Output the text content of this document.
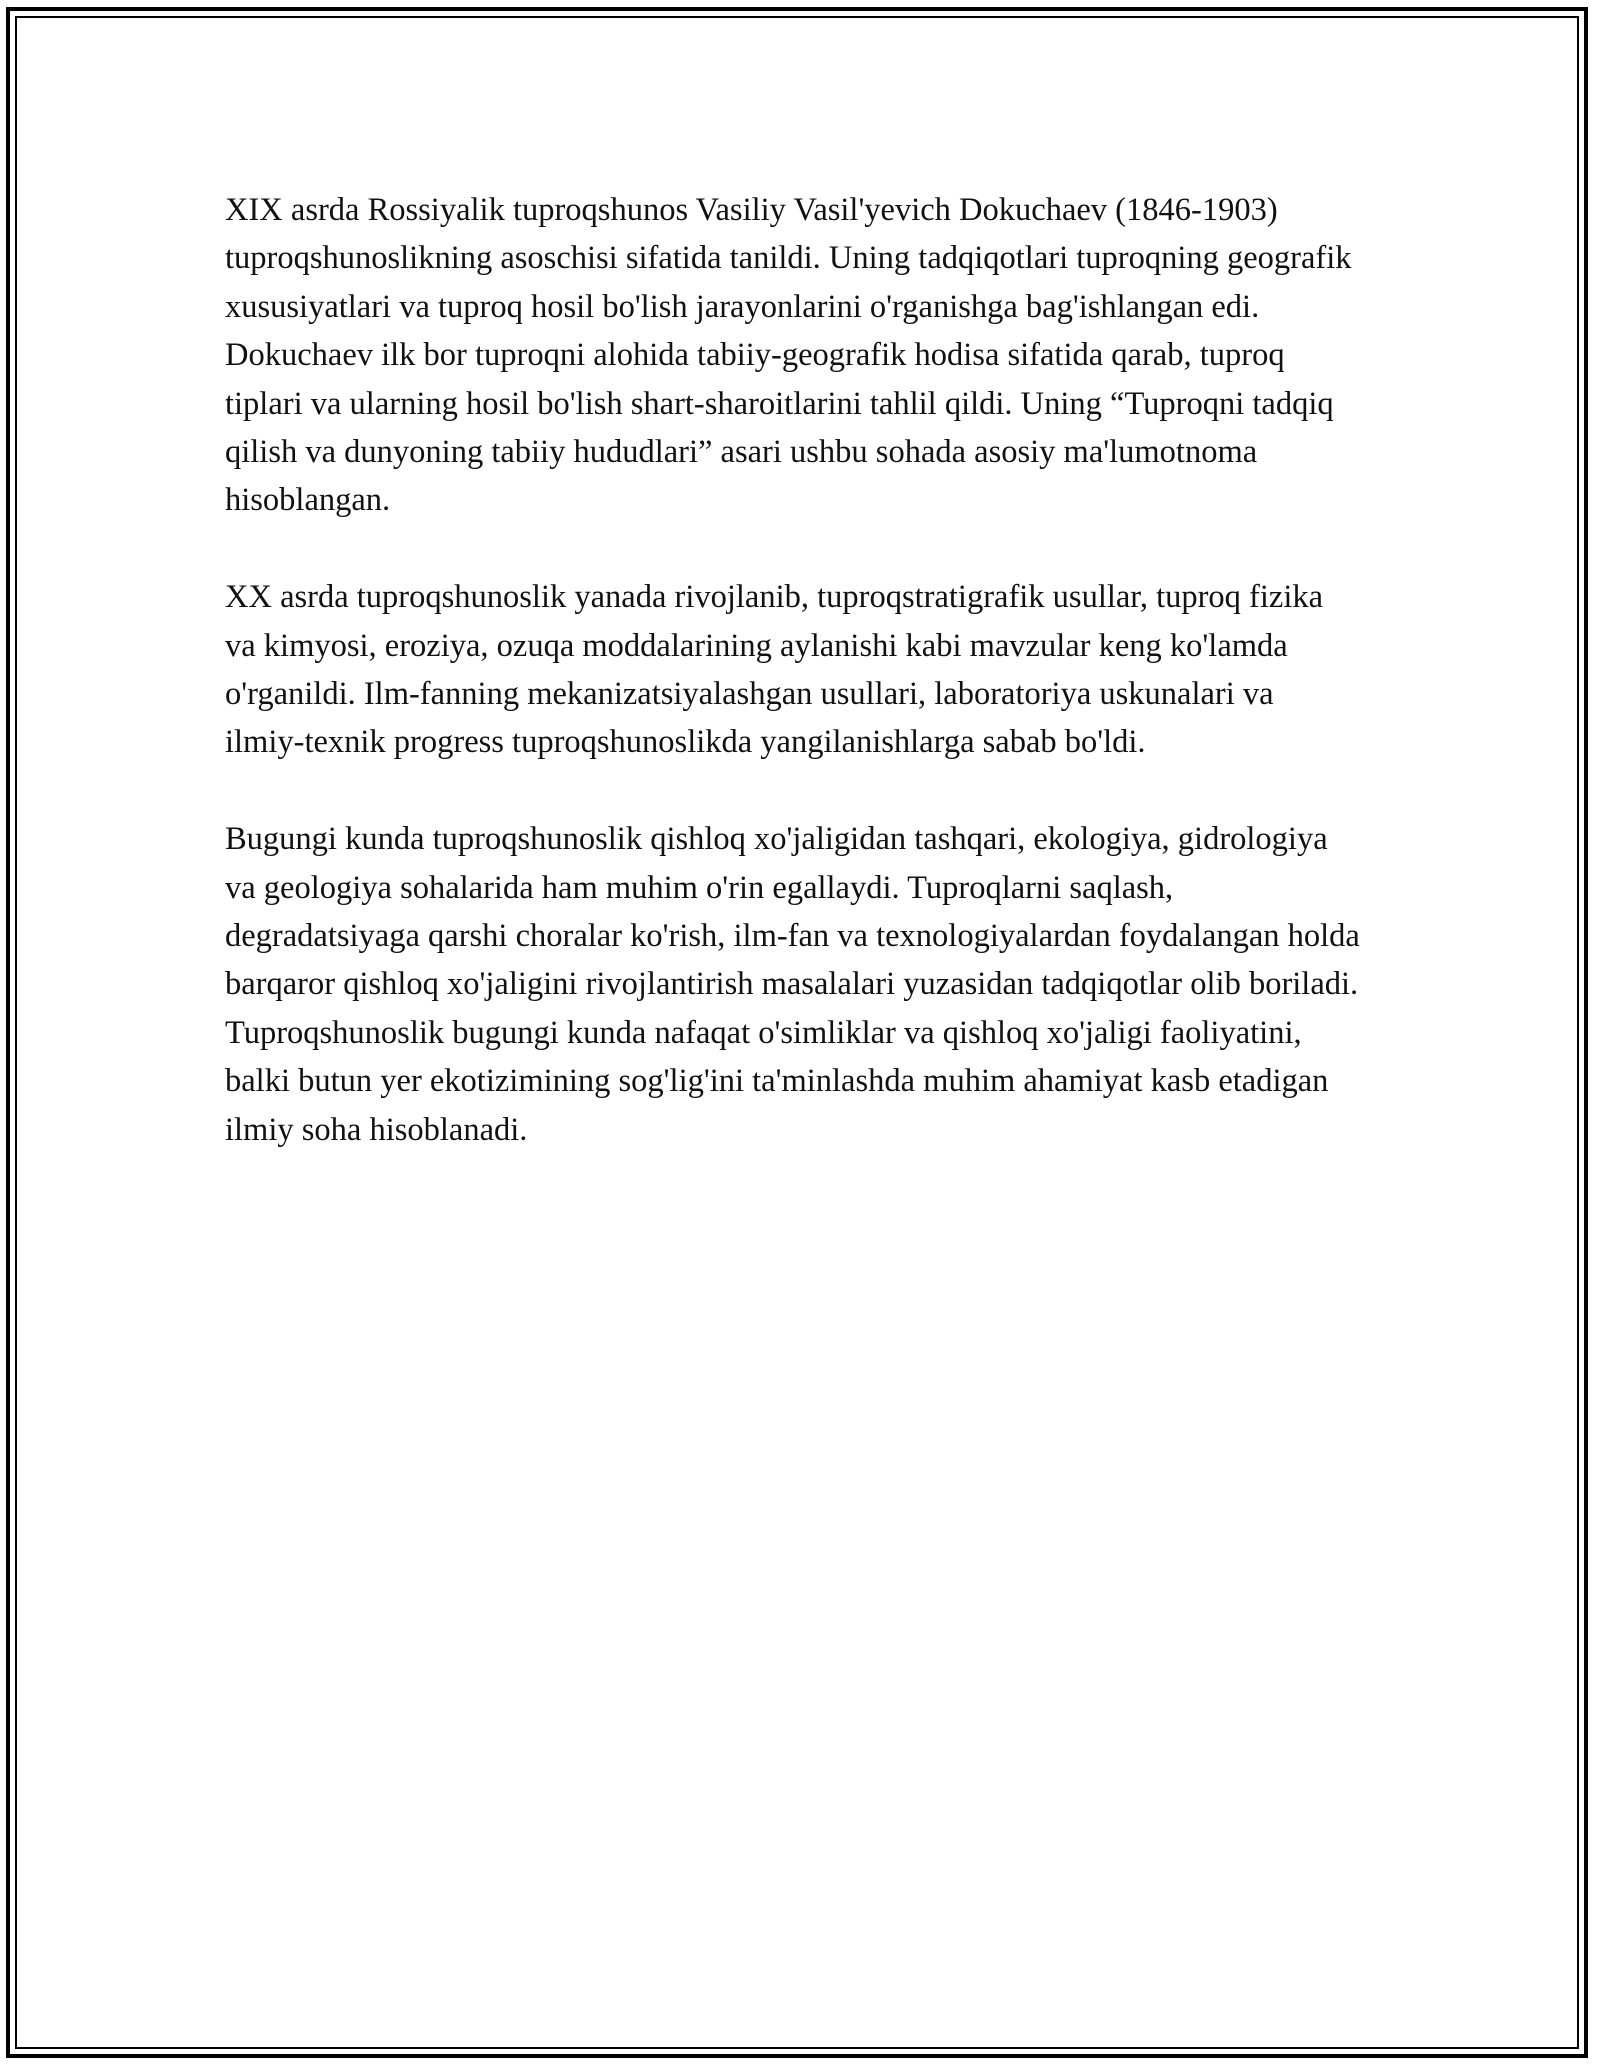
XIX asrda Rossiyalik tuproqshunos Vasiliy Vasil'yevich Dokuchaev (1846-1903) tuproqshunoslikning asoschisi sifatida tanildi. Uning tadqiqotlari tuproqning geografik xususiyatlari va tuproq hosil bo'lish jarayonlarini o'rganishga bag'ishlangan edi. Dokuchaev ilk bor tuproqni alohida tabiiy-geografik hodisa sifatida qarab, tuproq tiplari va ularning hosil bo'lish shart-sharoitlarini tahlil qildi. Uning “Tuproqni tadqiq qilish va dunyoning tabiiy hududlari” asari ushbu sohada asosiy ma'lumotnoma hisoblangan.

XX asrda tuproqshunoslik yanada rivojlanib, tuproqstratigrafik usullar, tuproq fizika va kimyosi, eroziya, ozuqa moddalarining aylanishi kabi mavzular keng ko'lamda o'rganildi. Ilm-fanning mekanizatsiyalashgan usullari, laboratoriya uskunalari va ilmiy-texnik progress tuproqshunoslikda yangilanishlarga sabab bo'ldi.

Bugungi kunda tuproqshunoslik qishloq xo'jaligidan tashqari, ekologiya, gidrologiya va geologiya sohalarida ham muhim o'rin egallaydi. Tuproqlarni saqlash, degradatsiyaga qarshi choralar ko'rish, ilm-fan va texnologiyalardan foydalangan holda barqaror qishloq xo'jaligini rivojlantirish masalalari yuzasidan tadqiqotlar olib boriladi. Tuproqshunoslik bugungi kunda nafaqat o'simliklar va qishloq xo'jaligi faoliyatini, balki butun yer ekotizimining sog'lig'ini ta'minlashda muhim ahamiyat kasb etadigan ilmiy soha hisoblanadi.
